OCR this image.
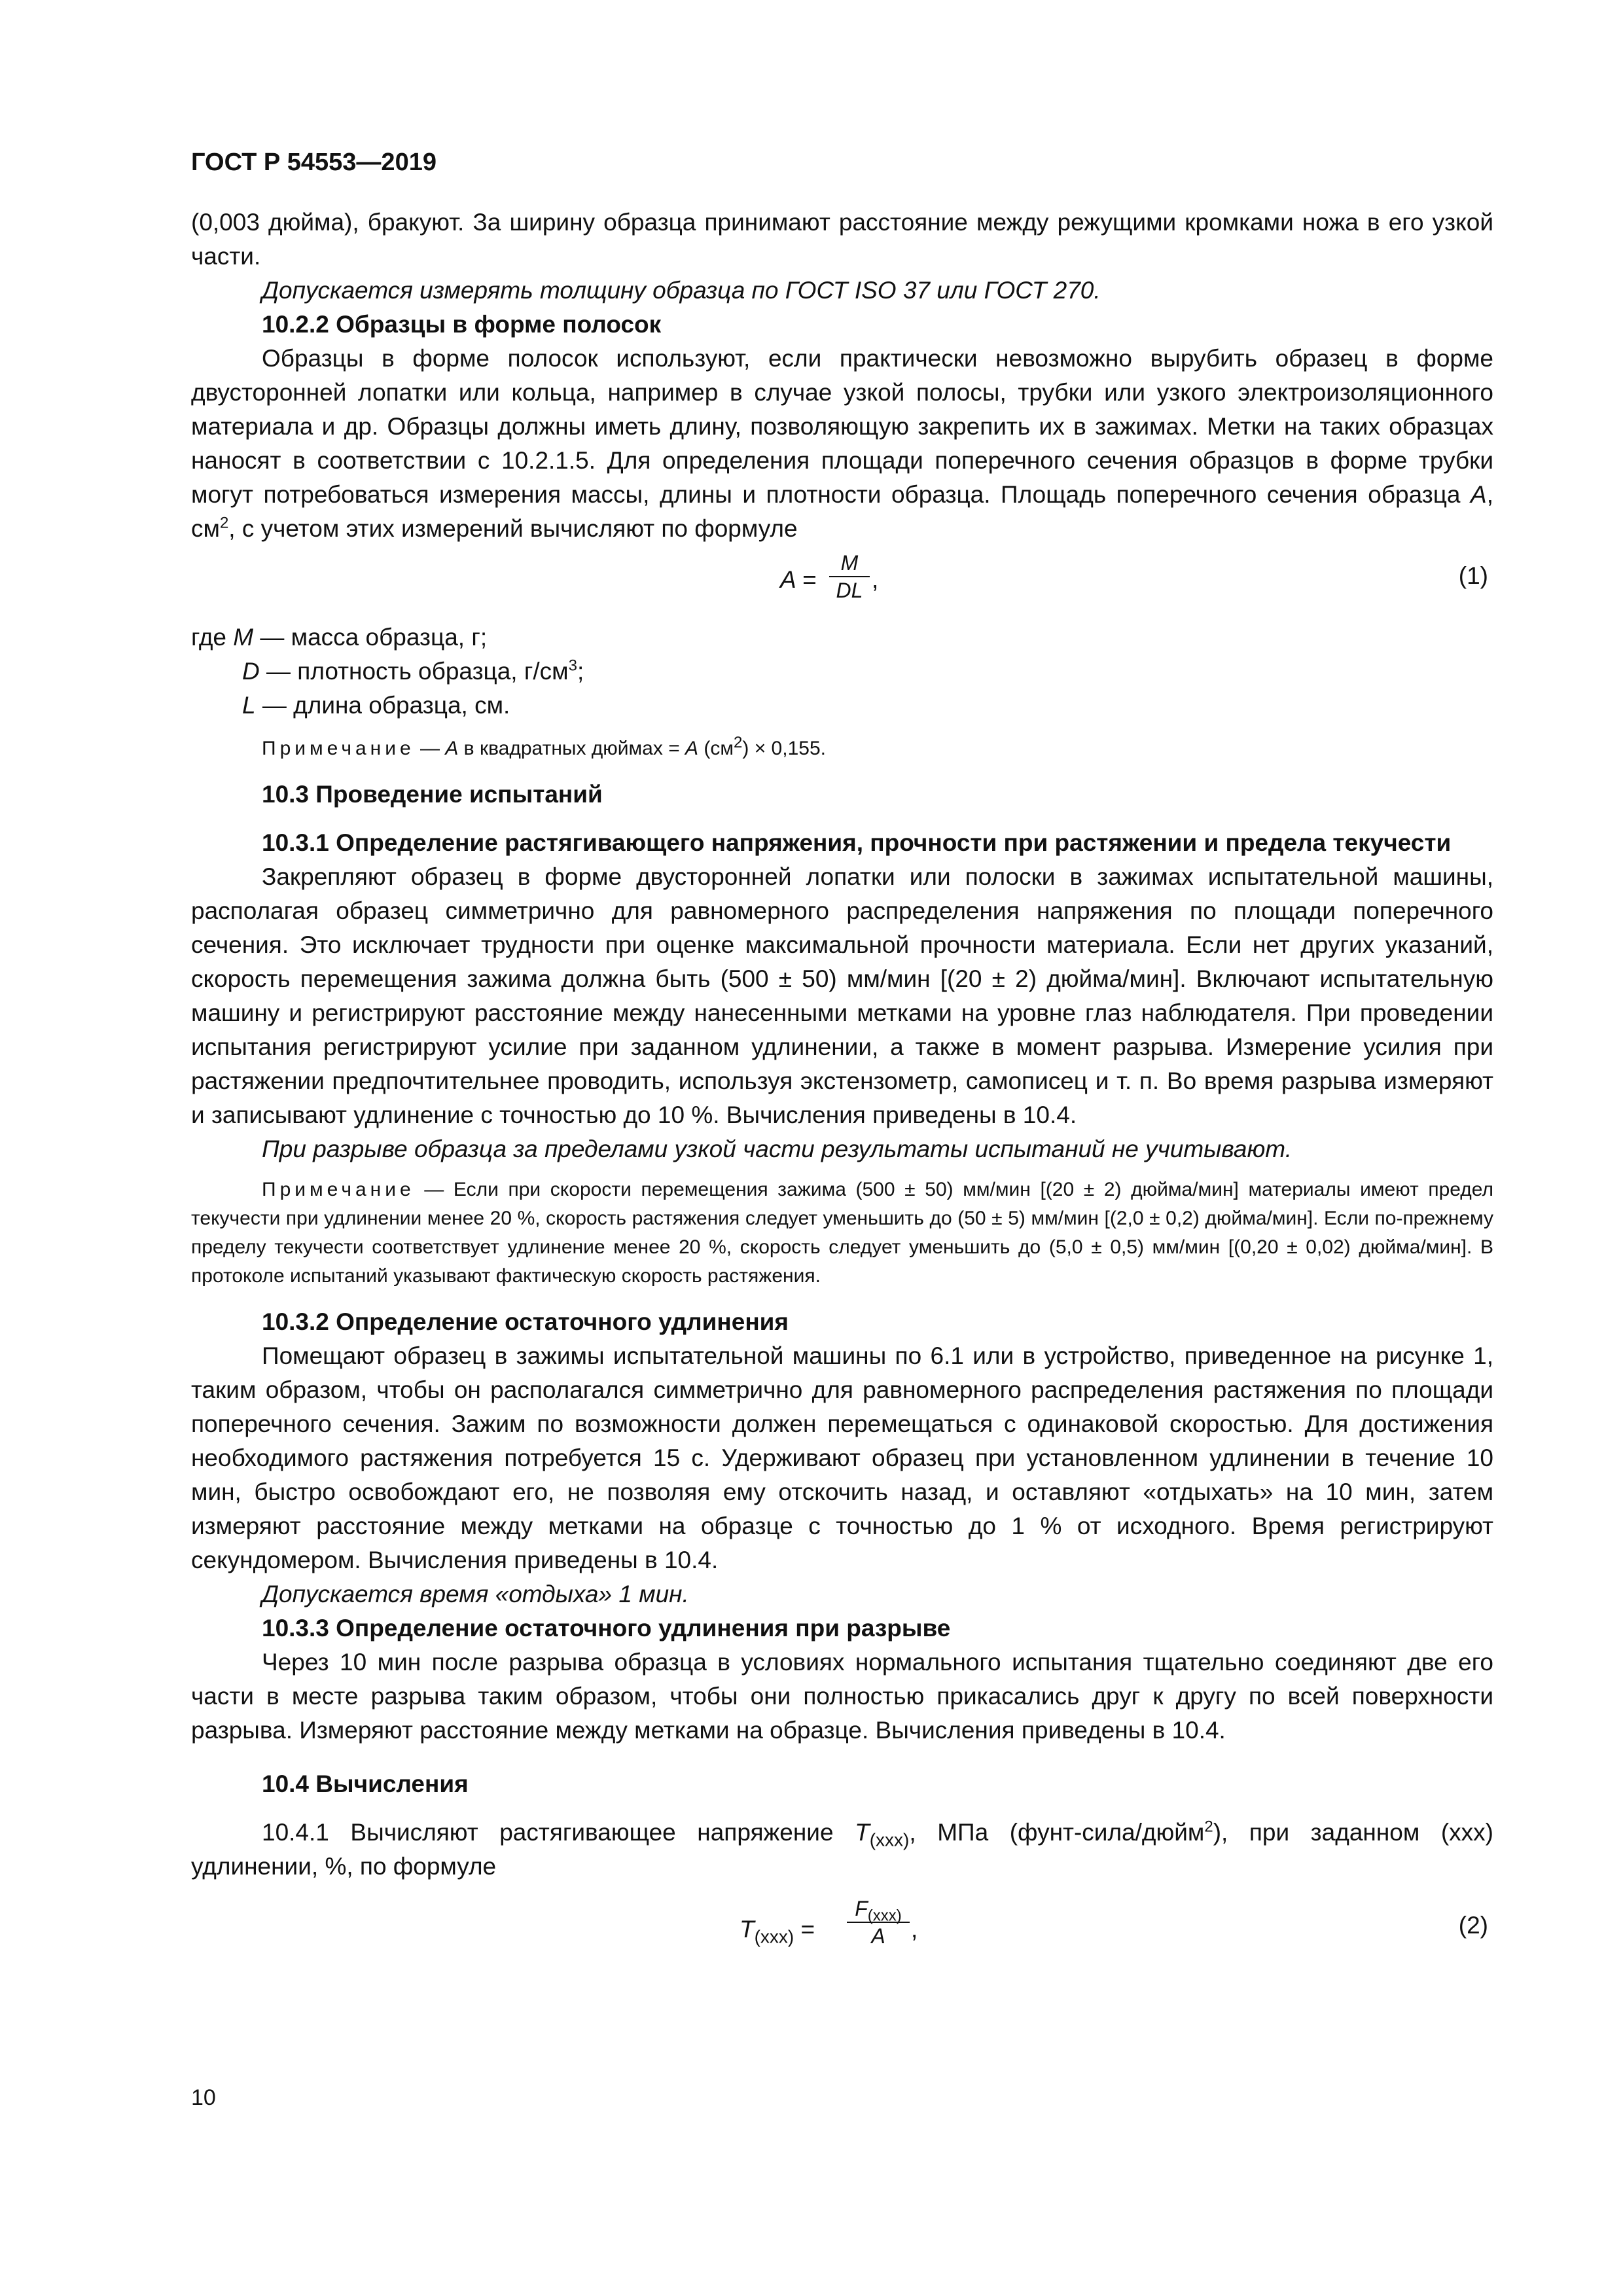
ГОСТ Р 54553—2019

(0,003 дюйма), бракуют. За ширину образца принимают расстояние между режущими кромками ножа в его узкой части.

Допускается измерять толщину образца по ГОСТ ISO 37 или ГОСТ 270.

10.2.2 Образцы в форме полосок

Образцы в форме полосок используют, если практически невозможно вырубить образец в форме двусторонней лопатки или кольца, например в случае узкой полосы, трубки или узкого электроизоляционного материала и др. Образцы должны иметь длину, позволяющую закрепить их в зажимах. Метки на таких образцах наносят в соответствии с 10.2.1.5. Для определения площади поперечного сечения образцов в форме трубки могут потребоваться измерения массы, длины и плотности образца. Площадь поперечного сечения образца A, $см^2$, с учетом этих измерений вычисляют по формуле

$A = \frac{M}{DL}$ ,	(1)
где M — масса образца, г;
D — плотность образца, $г/см^3$;
L — длина образца, см.

Примечание — A в квадратных дюймах = A $(см^2) \times 0,155$.

10.3 Проведение испытаний

10.3.1 Определение растягивающего напряжения, прочности при растяжении и предела текучести

Закрепляют образец в форме двусторонней лопатки или полоски в зажимах испытательной машины, располагая образец симметрично для равномерного распределения напряжения по площади поперечного сечения. Это исключает трудности при оценке максимальной прочности материала. Если нет других указаний, скорость перемещения зажима должна быть (500 ± 50) мм/мин [(20 ± 2) дюйма/мин]. Включают испытательную машину и регистрируют расстояние между нанесенными метками на уровне глаз наблюдателя. При проведении испытания регистрируют усилие при заданном удлинении, а также в момент разрыва. Измерение усилия при растяжении предпочтительнее проводить, используя экстензометр, самописец и т. п. Во время разрыва измеряют и записывают удлинение с точностью до 10 %. Вычисления приведены в 10.4.

При разрыве образца за пределами узкой части результаты испытаний не учитывают.

Примечание — Если при скорости перемещения зажима (500 ± 50) мм/мин [(20 ± 2) дюйма/мин] материалы имеют предел текучести при удлинении менее 20 %, скорость растяжения следует уменьшить до (50 ± 5) мм/мин [(2,0 ± 0,2) дюйма/мин]. Если по-прежнему пределу текучести соответствует удлинение менее 20 %, скорость следует уменьшить до (5,0 ± 0,5) мм/мин [(0,20 ± 0,02) дюйма/мин]. В протоколе испытаний указывают фактическую скорость растяжения.

10.3.2 Определение остаточного удлинения

Помещают образец в зажимы испытательной машины по 6.1 или в устройство, приведенное на рисунке 1, таким образом, чтобы он располагался симметрично для равномерного распределения растяжения по площади поперечного сечения. Зажим по возможности должен перемещаться с одинаковой скоростью. Для достижения необходимого растяжения потребуется 15 с. Удерживают образец при установленном удлинении в течение 10 мин, быстро освобождают его, не позволяя ему отскочить назад, и оставляют «отдыхать» на 10 мин, затем измеряют расстояние между метками на образце с точностью до 1 % от исходного. Время регистрируют секундомером. Вычисления приведены в 10.4.

Допускается время «отдыха» 1 мин.

10.3.3 Определение остаточного удлинения при разрыве

Через 10 мин после разрыва образца в условиях нормального испытания тщательно соединяют две его части в месте разрыва таким образом, чтобы они полностью прикасались друг к другу по всей поверхности разрыва. Измеряют расстояние между метками на образце. Вычисления приведены в 10.4.

10.4 Вычисления

10.4.1 Вычисляют растягивающее напряжение $T_{(xxx)}$, МПа (фунт-сила/дюйм$^2$), при заданном (xxx) удлинении, %, по формуле

$T_{(xxx)}$ =
$F_{(xxx)}$
A	,	(2)
10
